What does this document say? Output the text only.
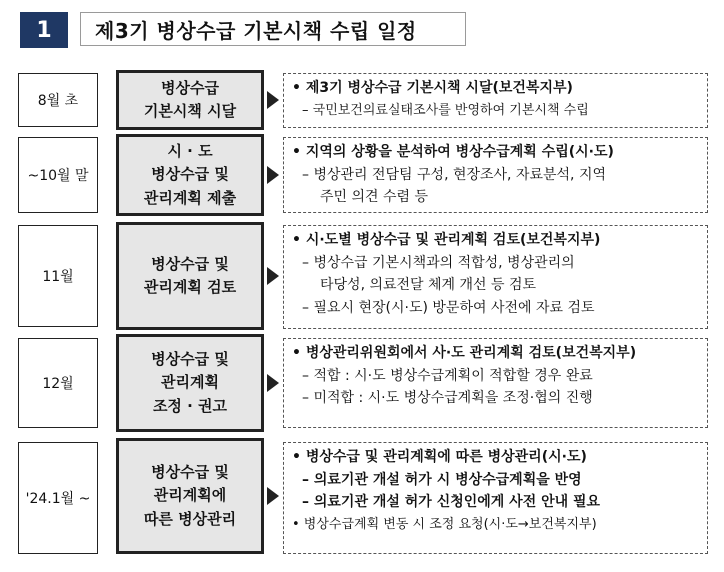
1	제3기 병상수급 기본시책 수립 일정
8월 초
병상수급
기본시책 시달
• 제3기 병상수급 기본시책 시달(보건복지부)
– 국민보건의료실태조사를 반영하여 기본시책 수립
~10월 말
시 · 도
병상수급 및
관리계획 제출
• 지역의 상황을 분석하여 병상수급계획 수립(시·도)
– 병상관리 전담팀 구성, 현장조사, 자료분석, 지역
주민 의견 수렴 등
11월
병상수급 및
관리계획 검토
• 시·도별 병상수급 및 관리계획 검토(보건복지부)
– 병상수급 기본시책과의 적합성, 병상관리의
타당성, 의료전달 체계 개선 등 검토
– 필요시 현장(시·도) 방문하여 사전에 자료 검토
12월
병상수급 및
관리계획
조정 · 권고
• 병상관리위원회에서 사·도 관리계획 검토(보건복지부)
– 적합 : 시·도 병상수급계획이 적합할 경우 완료
– 미적합 : 시·도 병상수급계획을 조정·협의 진행
'24.1월 ~
병상수급 및
관리계획에
따른 병상관리
• 병상수급 및 관리계획에 따른 병상관리(시·도)
– 의료기관 개설 허가 시 병상수급계획을 반영
– 의료기관 개설 허가 신청인에게 사전 안내 필요
• 병상수급계획 변동 시 조정 요청(시·도→보건복지부)
